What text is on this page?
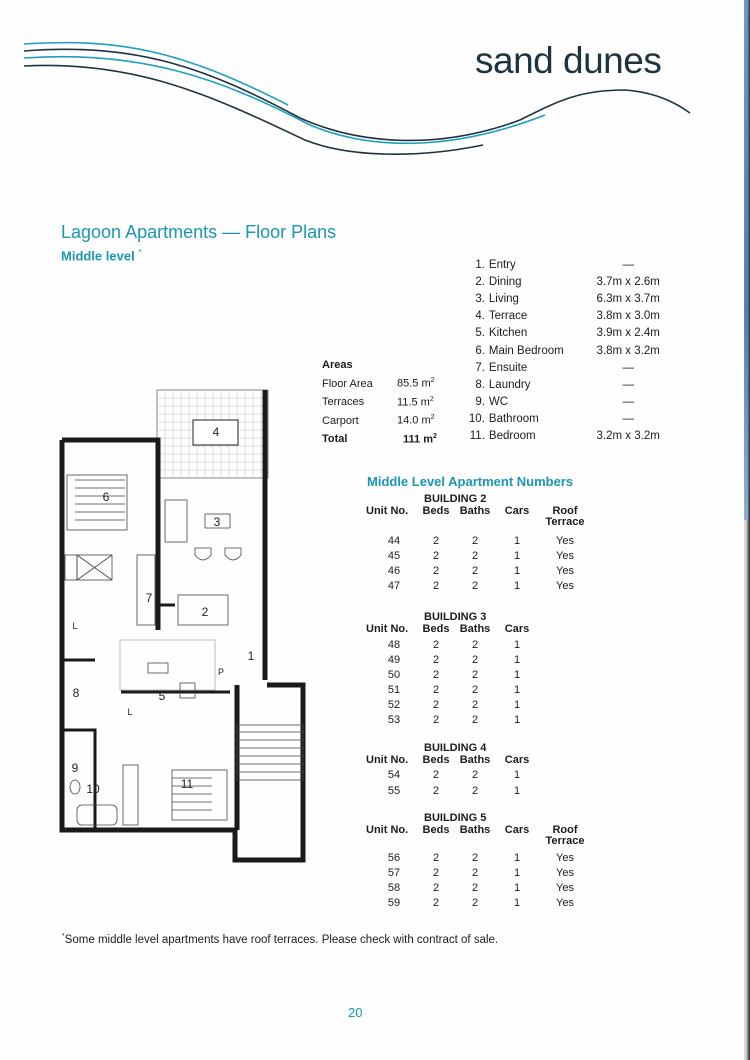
sand dunes
Lagoon Apartments — Floor Plans
Middle level *
1. Entry	—
2. Dining	3.7m x 2.6m
3. Living	6.3m x 3.7m
4. Terrace	3.8m x 3.0m
5. Kitchen	3.9m x 2.4m
6. Main Bedroom	3.8m x 3.2m
7. Ensuite	—
8. Laundry	—
9. WC	—
10. Bathroom	—
11. Bedroom	3.2m x 3.2m
Areas
Floor Area	85.5 $m^2$
Terraces	11.5 $m^2$
Carport	14.0 $m^2$
Total	111 $m^2$
4
6
3
7
2
1
L
P
5
8
L
9
10	11
Middle Level Apartment Numbers
BUILDING 2
Unit No.	Beds Baths	Cars	Roof
Terrace
44	2	2	1	Yes
45	2	2	1	Yes
46	2	2	1	Yes
47	2	2	1	Yes
BUILDING 3
Unit No.	Beds Baths	Cars
48	2	2	1
49	2	2	1
50	2	2	1
51	2	2	1
52	2	2	1
53	2	2	1
BUILDING 4
Unit No.	Beds Baths	Cars
54	2	2	1
55	2	2	1
BUILDING 5
Unit No.	Beds Baths	Cars	Roof
Terrace
56	2	2	1	Yes
57	2	2	1	Yes
58	2	2	1	Yes
59	2	2	1	Yes
*Some middle level apartments have roof terraces. Please check with contract of sale.
20
